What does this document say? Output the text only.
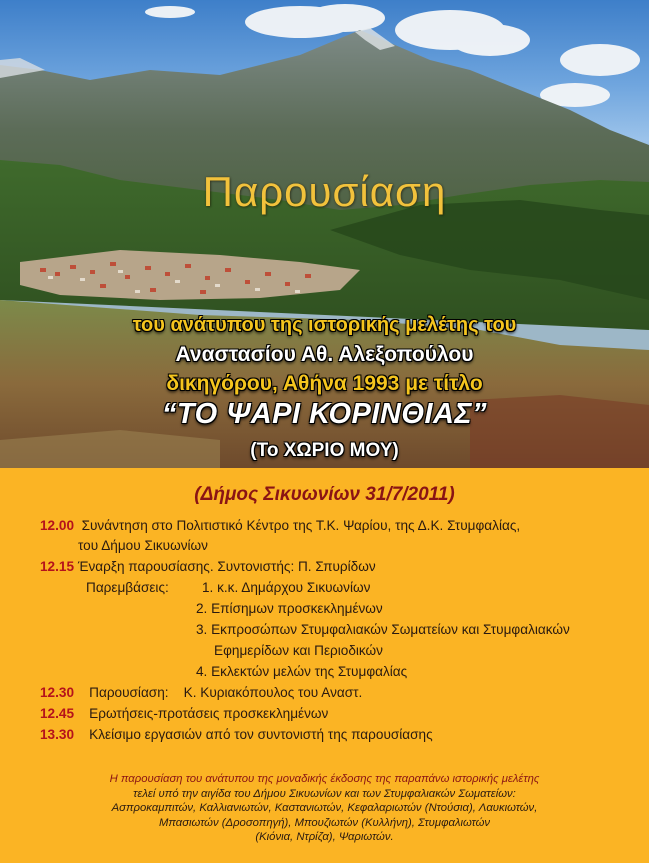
Παρουσίαση
του ανάτυπου της ιστορικής μελέτης του
Αναστασίου Αθ. Αλεξοπούλου
δικηγόρου, Αθήνα 1993 με τίτλο
“ΤΟ ΨΑΡΙ ΚΟΡΙΝΘΙΑΣ”
(Το ΧΩΡΙΟ ΜΟΥ)
(Δήμος Σικυωνίων 31/7/2011)
12.00 Συνάντηση στο Πολιτιστικό Κέντρο της Τ.Κ. Ψαρίου, της Δ.Κ. Στυμφαλίας,
του Δήμου Σικυωνίων
12.15 Έναρξη παρουσίασης. Συντονιστής: Π. Σπυρίδων
Παρεμβάσεις: 1. κ.κ. Δημάρχου Σικυωνίων
2. Επίσημων προσκεκλημένων
3. Εκπροσώπων Στυμφαλιακών Σωματείων και Στυμφαλιακών
Εφημερίδων και Περιοδικών
4. Εκλεκτών μελών της Στυμφαλίας
12.30 Παρουσίαση: Κ. Κυριακόπουλος του Αναστ.
12.45 Ερωτήσεις-προτάσεις προσκεκλημένων
13.30 Κλείσιμο εργασιών από τον συντονιστή της παρουσίασης
Η παρουσίαση του ανάτυπου της μοναδικής έκδοσης της παραπάνω ιστορικής μελέτης
τελεί υπό την αιγίδα του Δήμου Σικυωνίων και των Στυμφαλιακών Σωματείων:
Ασπροκαμπιτών, Καλλιανιωτών, Καστανιωτών, Κεφαλαριωτών (Ντούσια), Λαυκιωτών,
Μπασιωτών (Δροσοπηγή), Μπουζιωτών (Κυλλήνη), Στυμφαλιωτών
(Κιόνια, Ντρίζα), Ψαριωτών.
